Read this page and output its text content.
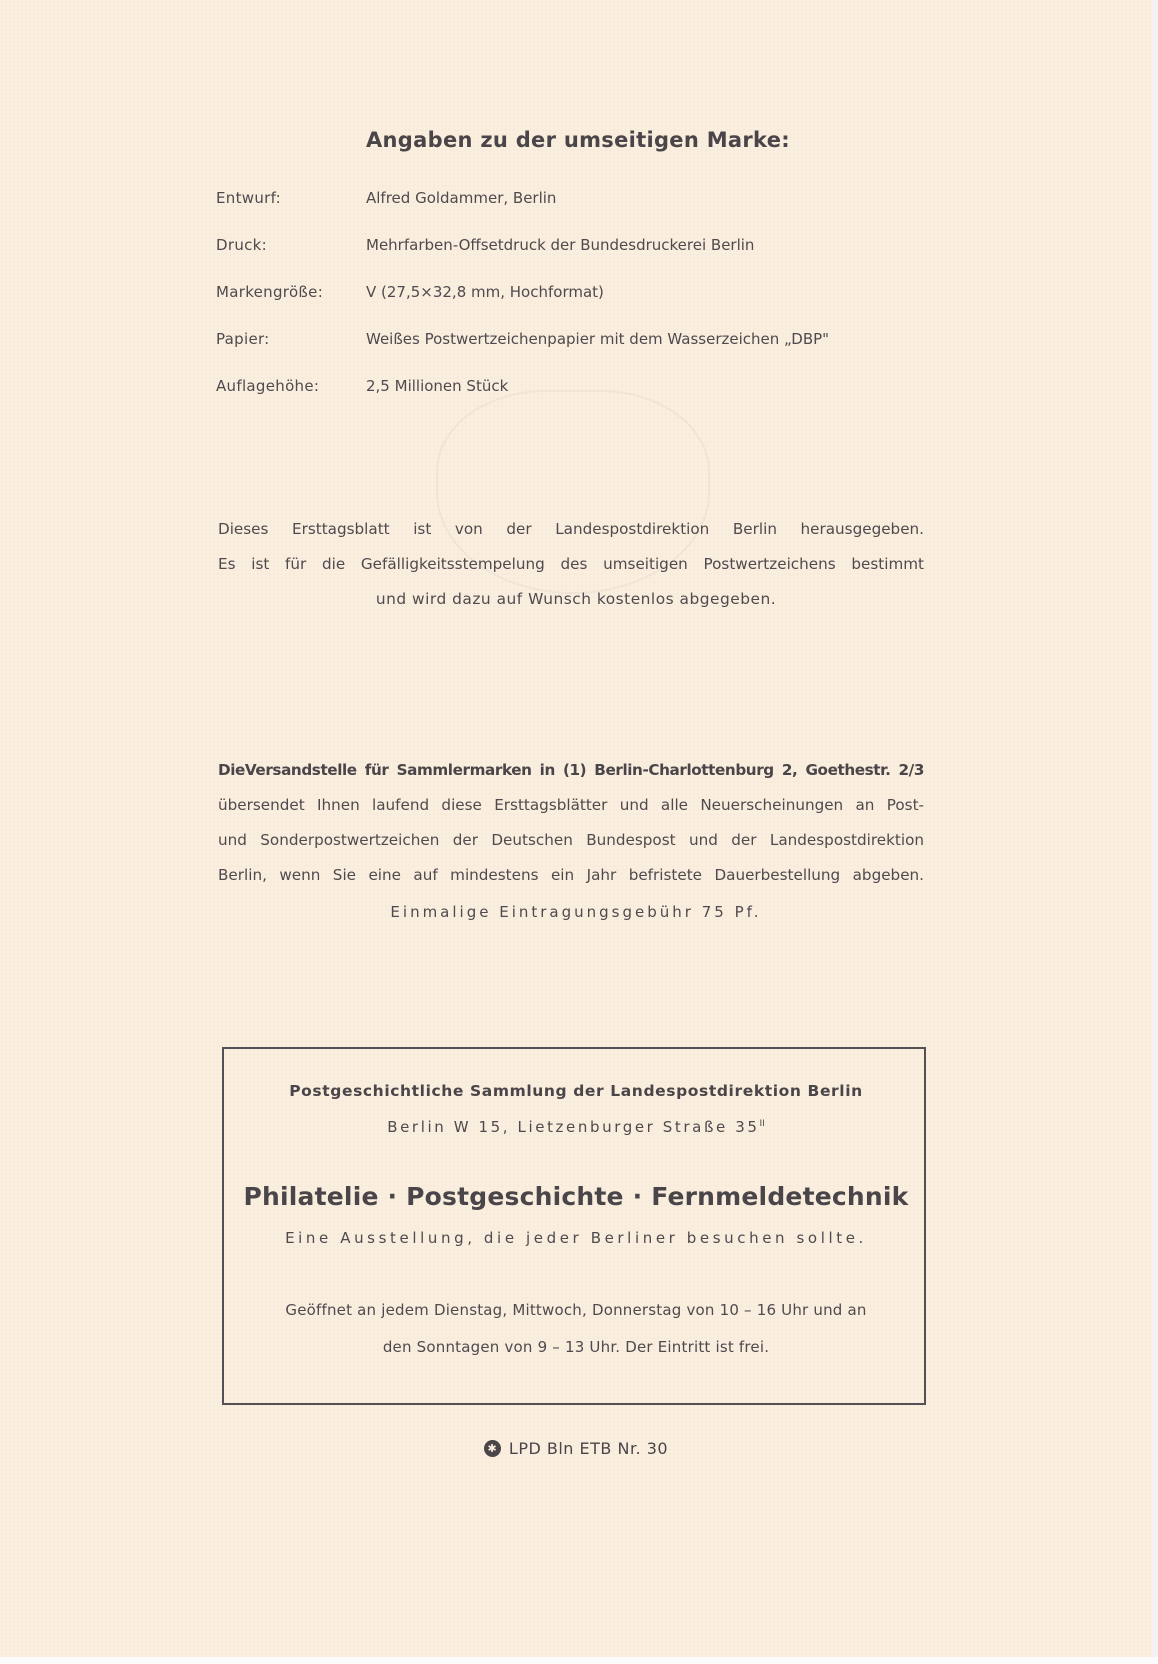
Angaben zu der umseitigen Marke:
Entwurf:	Alfred Goldammer, Berlin
Druck:	Mehrfarben-Offsetdruck der Bundesdruckerei Berlin
Markengröße:	V (27,5×32,8 mm, Hochformat)
Papier:	Weißes Postwertzeichenpapier mit dem Wasserzeichen „DBP"
Auflagehöhe:	2,5 Millionen Stück
Dieses Ersttagsblatt ist von der Landespostdirektion Berlin herausgegeben.
Es ist für die Gefälligkeitsstempelung des umseitigen Postwertzeichens bestimmt
und wird dazu auf Wunsch kostenlos abgegeben.
DieVersandstelle für Sammlermarken in (1) Berlin-Charlottenburg 2, Goethestr. 2/3
übersendet Ihnen laufend diese Ersttagsblätter und alle Neuerscheinungen an Post-
und Sonderpostwertzeichen der Deutschen Bundespost und der Landespostdirektion
Berlin, wenn Sie eine auf mindestens ein Jahr befristete Dauerbestellung abgeben.
Einmalige Eintragungsgebühr 75 Pf.
Postgeschichtliche Sammlung der Landespostdirektion Berlin
Berlin W 15, Lietzenburger Straße $35^{II}$
Philatelie · Postgeschichte · Fernmeldetechnik
Eine Ausstellung, die jeder Berliner besuchen sollte.
Geöffnet an jedem Dienstag, Mittwoch, Donnerstag von 10 – 16 Uhr und an
den Sonntagen von 9 – 13 Uhr. Der Eintritt ist frei.
✱LPD Bln ETB Nr. 30
